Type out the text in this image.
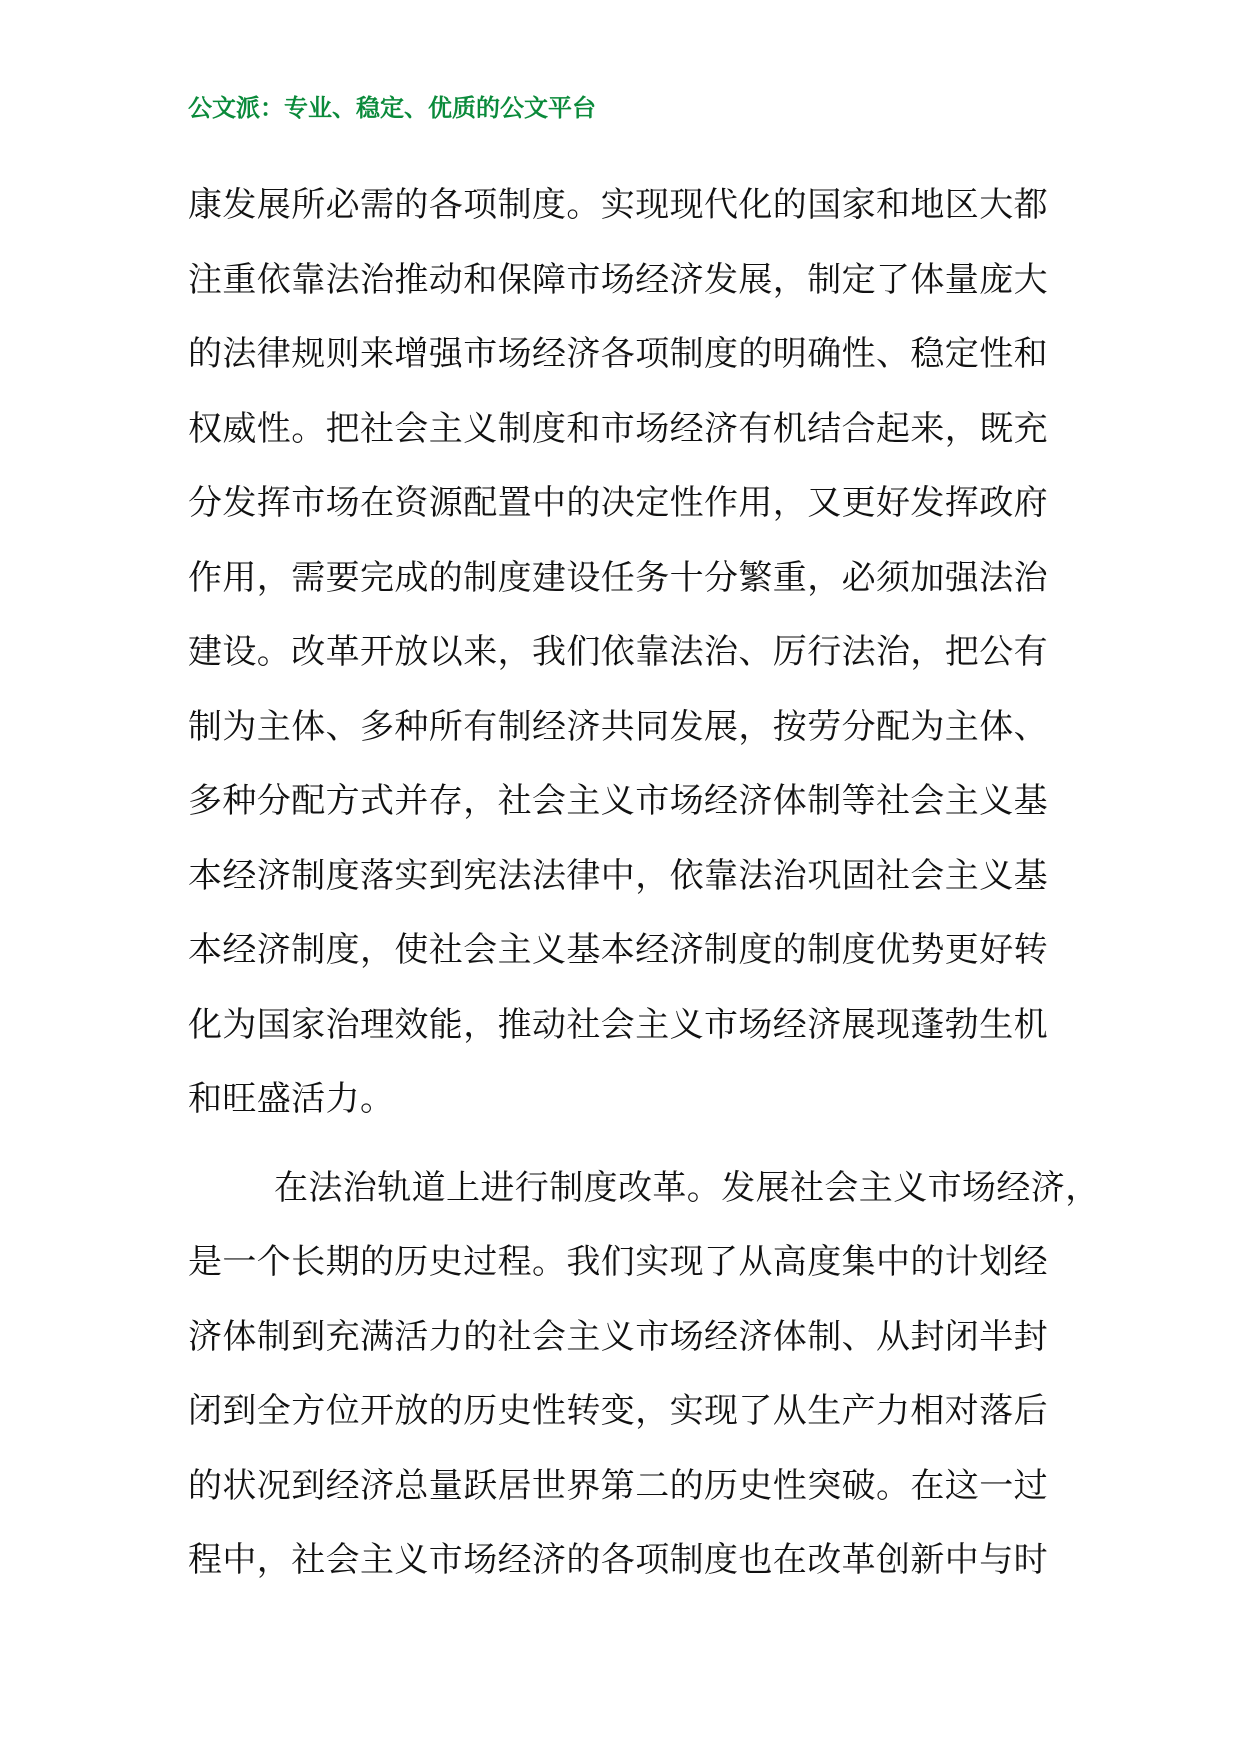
公文派：专业、稳定、优质的公文平台
康发展所必需的各项制度。实现现代化的国家和地区大都
注重依靠法治推动和保障市场经济发展，制定了体量庞大
的法律规则来增强市场经济各项制度的明确性、稳定性和
权威性。把社会主义制度和市场经济有机结合起来，既充
分发挥市场在资源配置中的决定性作用，又更好发挥政府
作用，需要完成的制度建设任务十分繁重，必须加强法治
建设。改革开放以来，我们依靠法治、厉行法治，把公有
制为主体、多种所有制经济共同发展，按劳分配为主体、
多种分配方式并存，社会主义市场经济体制等社会主义基
本经济制度落实到宪法法律中，依靠法治巩固社会主义基
本经济制度，使社会主义基本经济制度的制度优势更好转
化为国家治理效能，推动社会主义市场经济展现蓬勃生机
和旺盛活力。
在法治轨道上进行制度改革。发展社会主义市场经济，
是一个长期的历史过程。我们实现了从高度集中的计划经
济体制到充满活力的社会主义市场经济体制、从封闭半封
闭到全方位开放的历史性转变，实现了从生产力相对落后
的状况到经济总量跃居世界第二的历史性突破。在这一过
程中，社会主义市场经济的各项制度也在改革创新中与时
